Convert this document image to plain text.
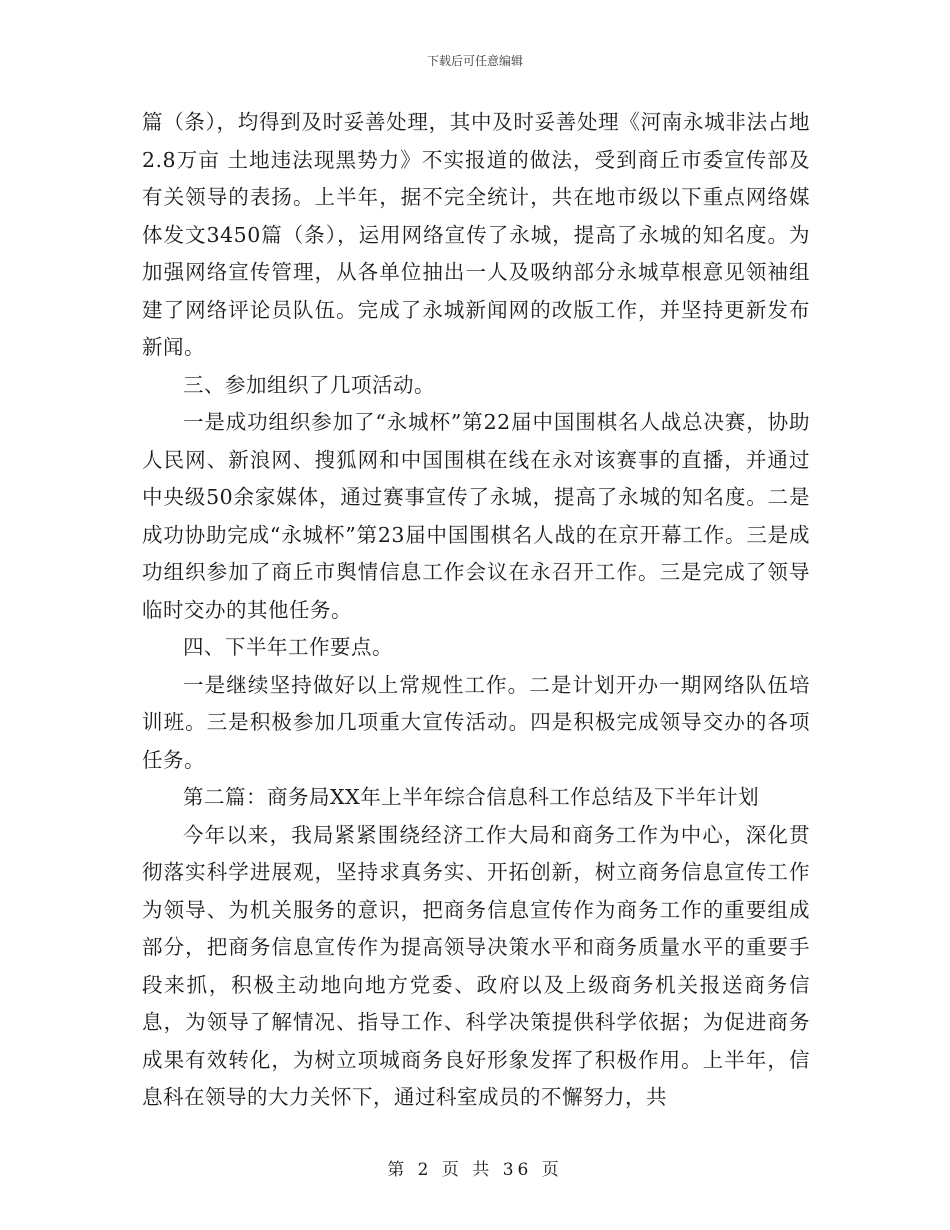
下载后可任意编辑

篇（条），均得到及时妥善处理，其中及时妥善处理《河南永城非法占地2.8万亩 土地违法现黑势力》不实报道的做法，受到商丘市委宣传部及有关领导的表扬。上半年，据不完全统计，共在地市级以下重点网络媒体发文3450篇（条），运用网络宣传了永城，提高了永城的知名度。为加强网络宣传管理，从各单位抽出一人及吸纳部分永城草根意见领袖组建了网络评论员队伍。完成了永城新闻网的改版工作，并坚持更新发布新闻。

三、参加组织了几项活动。

一是成功组织参加了“永城杯”第22届中国围棋名人战总决赛，协助人民网、新浪网、搜狐网和中国围棋在线在永对该赛事的直播，并通过中央级50余家媒体，通过赛事宣传了永城，提高了永城的知名度。二是成功协助完成“永城杯”第23届中国围棋名人战的在京开幕工作。三是成功组织参加了商丘市舆情信息工作会议在永召开工作。三是完成了领导临时交办的其他任务。

四、下半年工作要点。

一是继续坚持做好以上常规性工作。二是计划开办一期网络队伍培训班。三是积极参加几项重大宣传活动。四是积极完成领导交办的各项任务。

第二篇：商务局XX年上半年综合信息科工作总结及下半年计划

今年以来，我局紧紧围绕经济工作大局和商务工作为中心，深化贯彻落实科学进展观，坚持求真务实、开拓创新，树立商务信息宣传工作为领导、为机关服务的意识，把商务信息宣传作为商务工作的重要组成部分，把商务信息宣传作为提高领导决策水平和商务质量水平的重要手段来抓，积极主动地向地方党委、政府以及上级商务机关报送商务信息，为领导了解情况、指导工作、科学决策提供科学依据；为促进商务成果有效转化，为树立项城商务良好形象发挥了积极作用。上半年，信息科在领导的大力关怀下，通过科室成员的不懈努力，共

第 2 页 共 36 页
